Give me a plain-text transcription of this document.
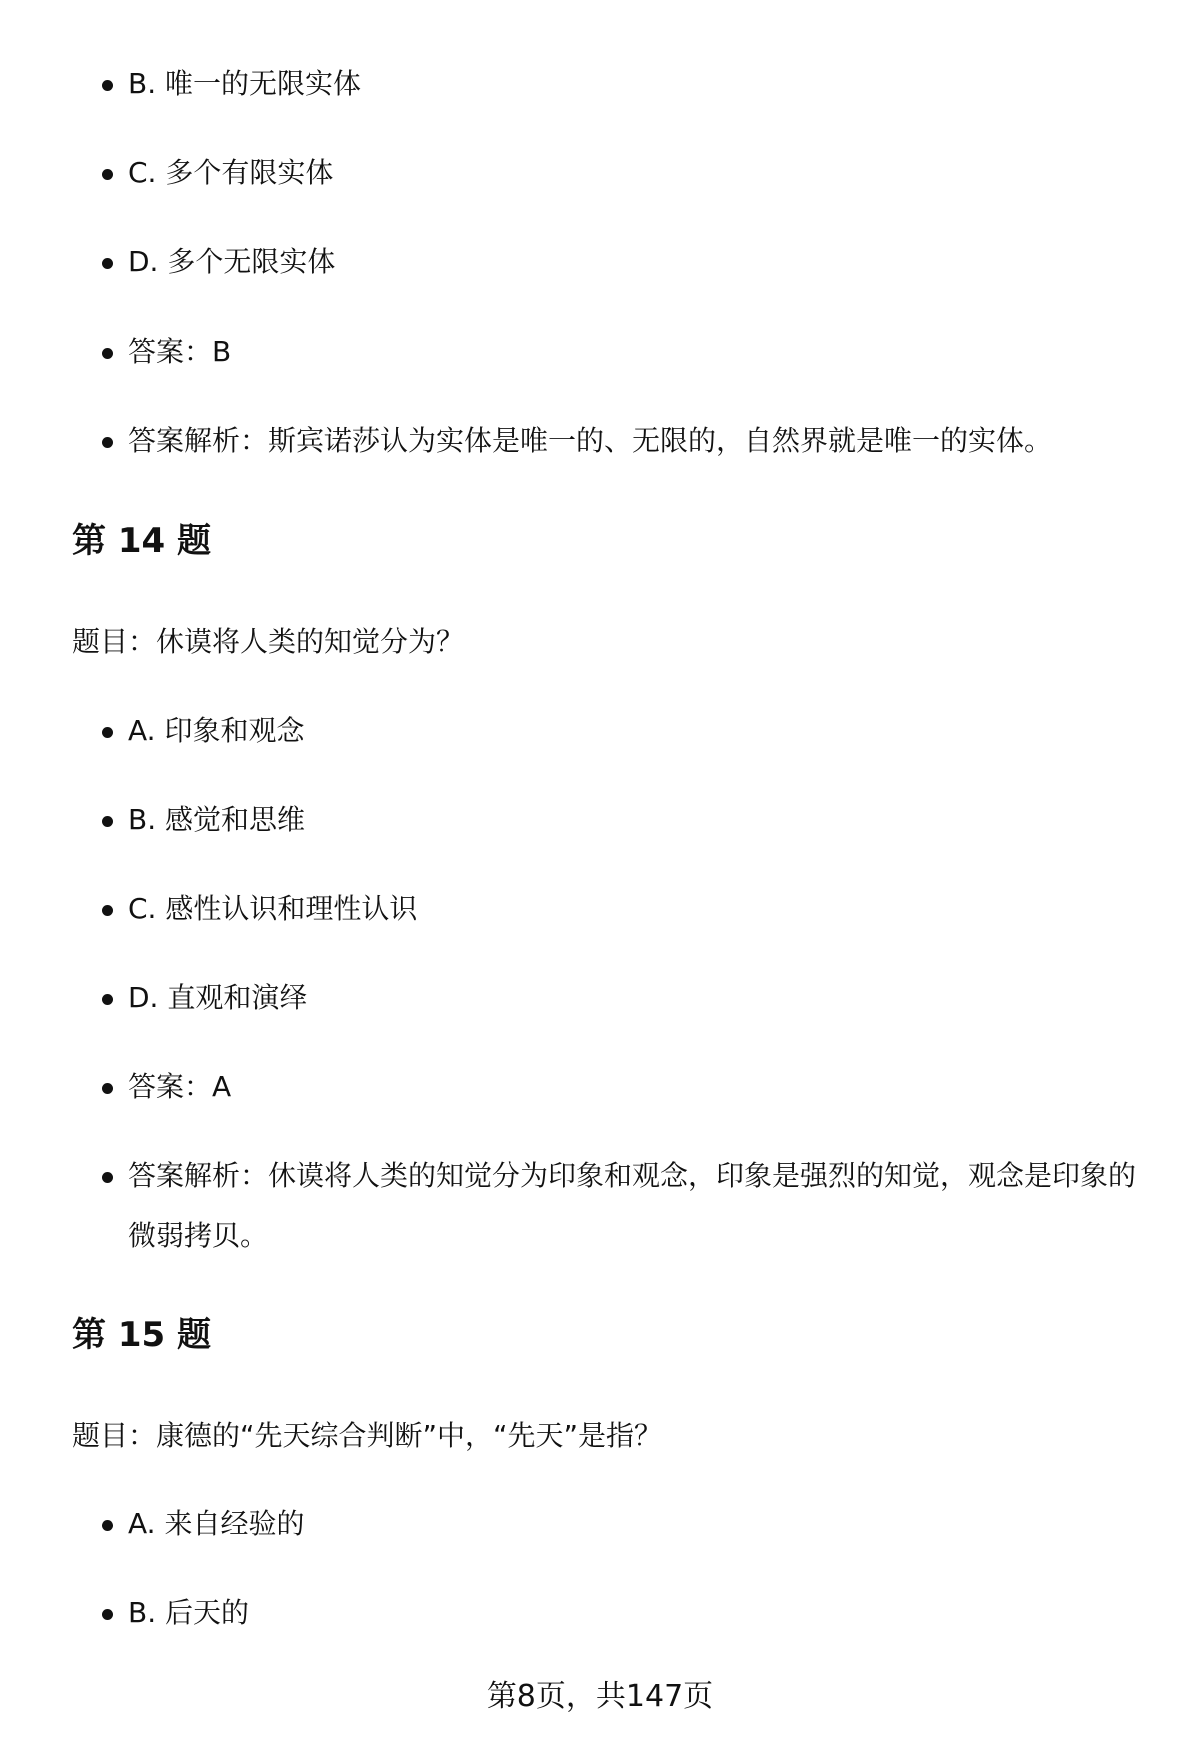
B. 唯一的无限实体
C. 多个有限实体
D. 多个无限实体
答案：B
答案解析：斯宾诺莎认为实体是唯一的、无限的，自然界就是唯一的实体。
第 14 题
题目：休谟将人类的知觉分为？
A. 印象和观念
B. 感觉和思维
C. 感性认识和理性认识
D. 直观和演绎
答案：A
答案解析：休谟将人类的知觉分为印象和观念，印象是强烈的知觉，观念是印象的微弱拷贝。
第 15 题
题目：康德的“先天综合判断”中，“先天”是指？
A. 来自经验的
B. 后天的
第8页，共147页
